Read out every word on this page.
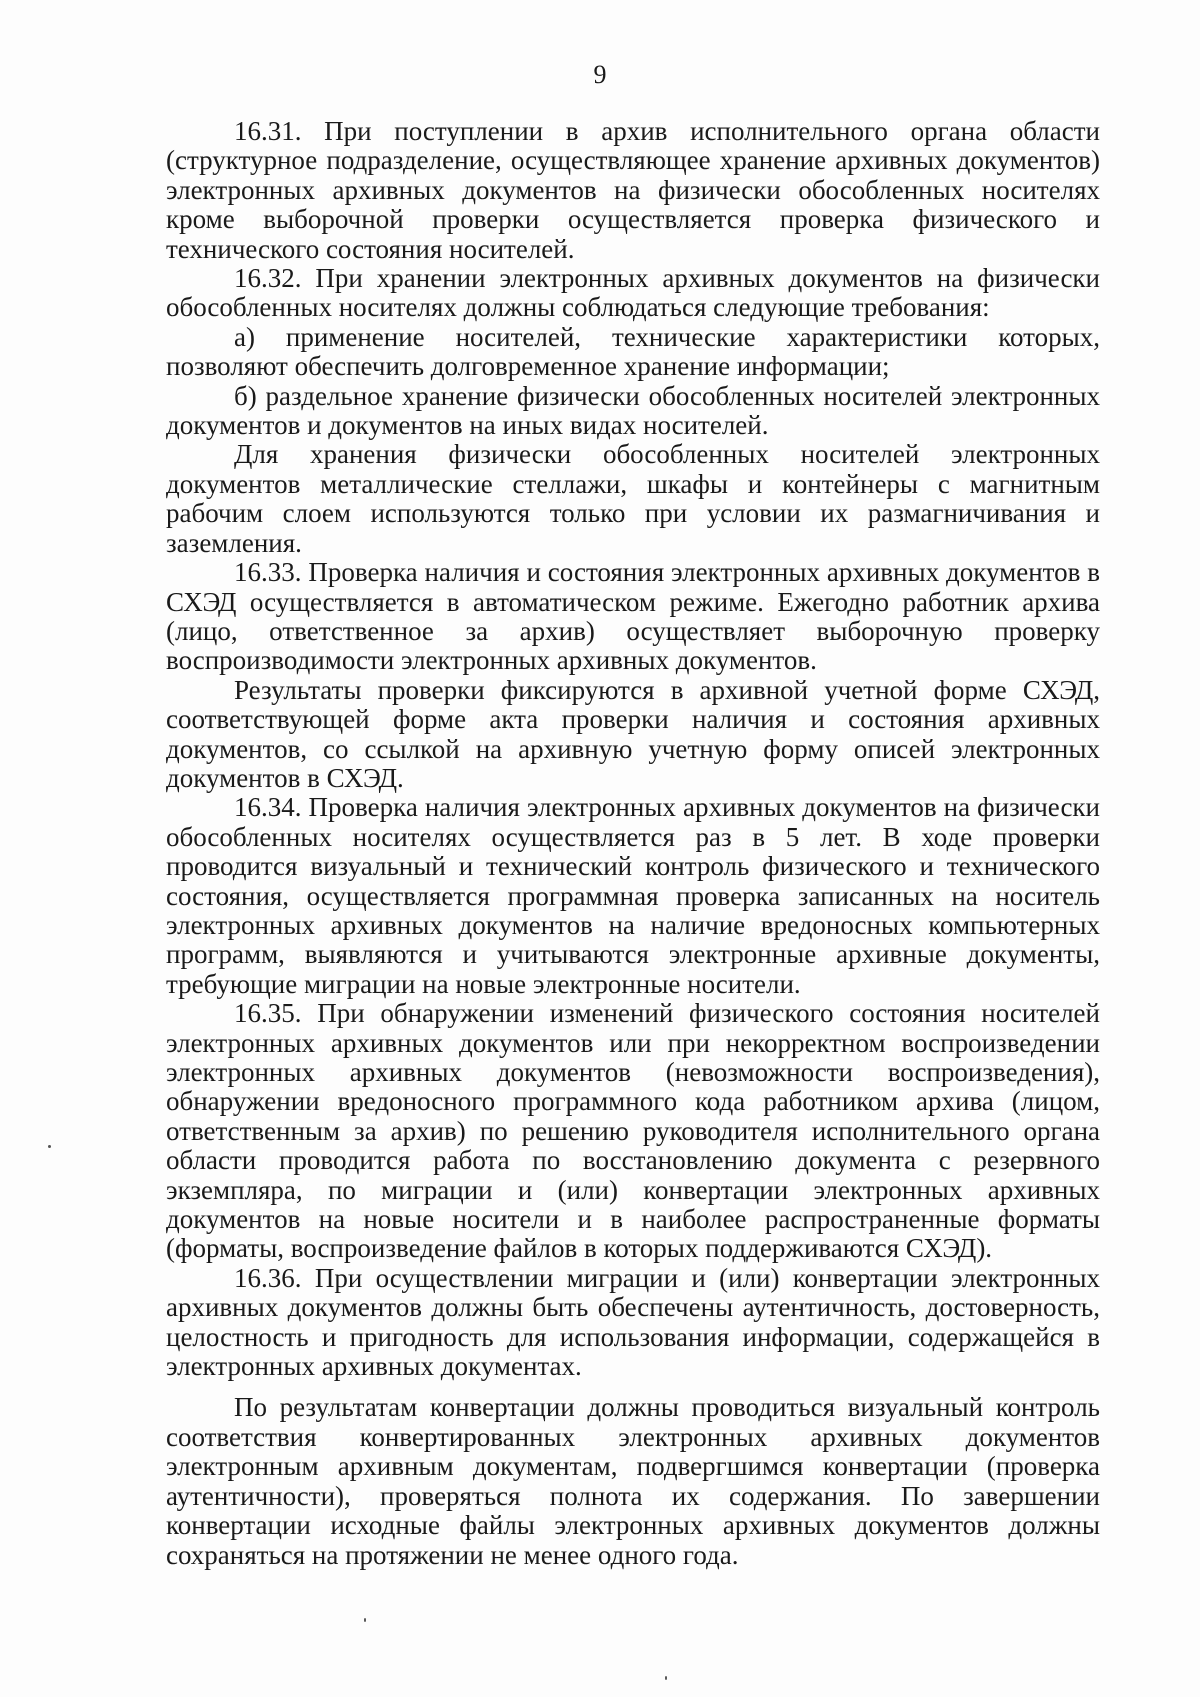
9

16.31. При поступлении в архив исполнительного органа области (структурное подразделение, осуществляющее хранение архивных документов) электронных архивных документов на физически обособленных носителях кроме выборочной проверки осуществляется проверка физического и технического состояния носителей.

16.32. При хранении электронных архивных документов на физически обособленных носителях должны соблюдаться следующие требования:

а) применение носителей, технические характеристики которых, позволяют обеспечить долговременное хранение информации;

б) раздельное хранение физически обособленных носителей электронных документов и документов на иных видах носителей.

Для хранения физически обособленных носителей электронных документов металлические стеллажи, шкафы и контейнеры с магнитным рабочим слоем используются только при условии их размагничивания и заземления.

16.33. Проверка наличия и состояния электронных архивных документов в СХЭД осуществляется в автоматическом режиме. Ежегодно работник архива (лицо, ответственное за архив) осуществляет выборочную проверку воспроизводимости электронных архивных документов.

Результаты проверки фиксируются в архивной учетной форме СХЭД, соответствующей форме акта проверки наличия и состояния архивных документов, со ссылкой на архивную учетную форму описей электронных документов в СХЭД.

16.34. Проверка наличия электронных архивных документов на физически обособленных носителях осуществляется раз в 5 лет. В ходе проверки проводится визуальный и технический контроль физического и технического состояния, осуществляется программная проверка записанных на носитель электронных архивных документов на наличие вредоносных компьютерных программ, выявляются и учитываются электронные архивные документы, требующие миграции на новые электронные носители.

16.35. При обнаружении изменений физического состояния носителей электронных архивных документов или при некорректном воспроизведении электронных архивных документов (невозможности воспроизведения), обнаружении вредоносного программного кода работником архива (лицом, ответственным за архив) по решению руководителя исполнительного органа области проводится работа по восстановлению документа с резервного экземпляра, по миграции и (или) конвертации электронных архивных документов на новые носители и в наиболее распространенные форматы (форматы, воспроизведение файлов в которых поддерживаются СХЭД).

16.36. При осуществлении миграции и (или) конвертации электронных архивных документов должны быть обеспечены аутентичность, достоверность, целостность и пригодность для использования информации, содержащейся в электронных архивных документах.

По результатам конвертации должны проводиться визуальный контроль соответствия конвертированных электронных архивных документов электронным архивным документам, подвергшимся конвертации (проверка аутентичности), проверяться полнота их содержания. По завершении конвертации исходные файлы электронных архивных документов должны сохраняться на протяжении не менее одного года.
